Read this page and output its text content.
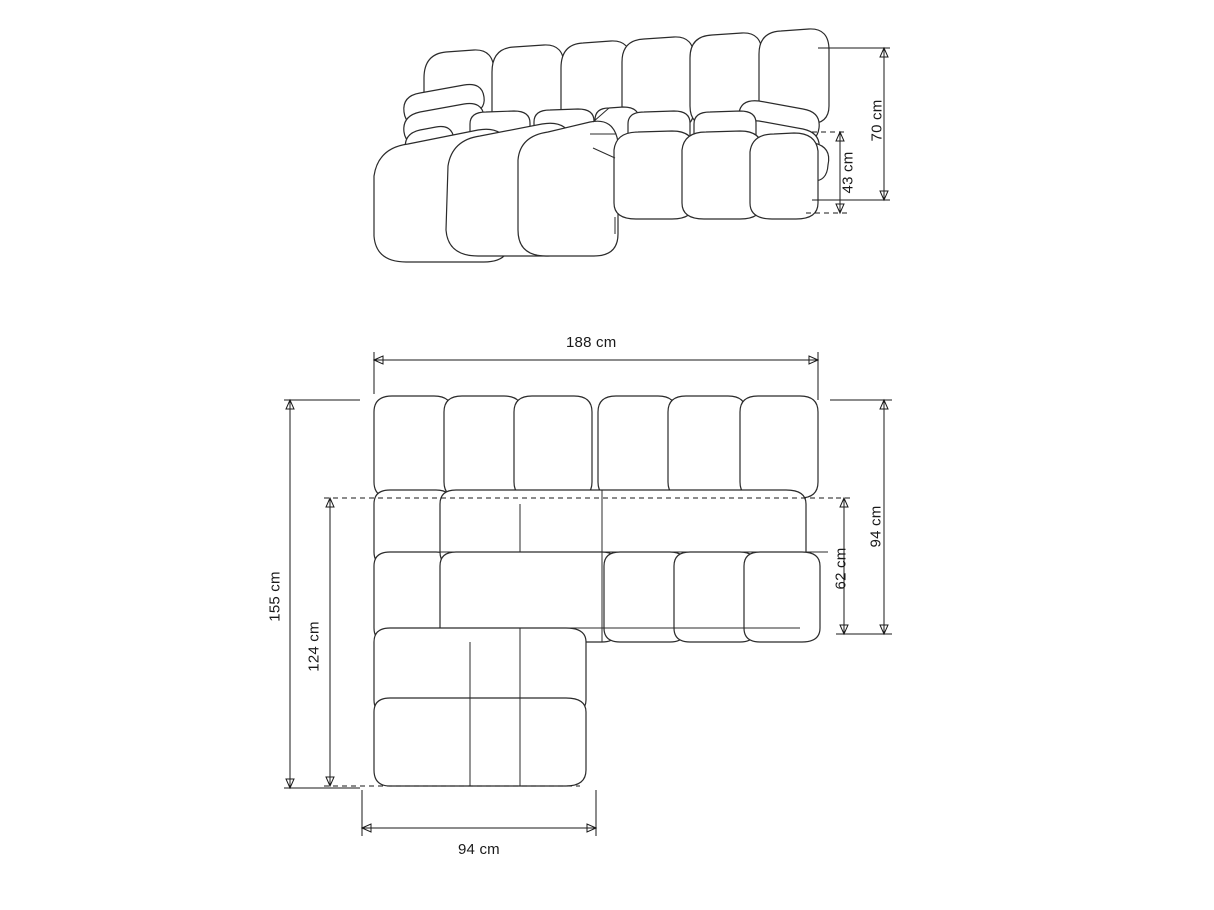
70 cm
43 cm
188 cm
155 cm
124 cm
94 cm
94 cm
62 cm
